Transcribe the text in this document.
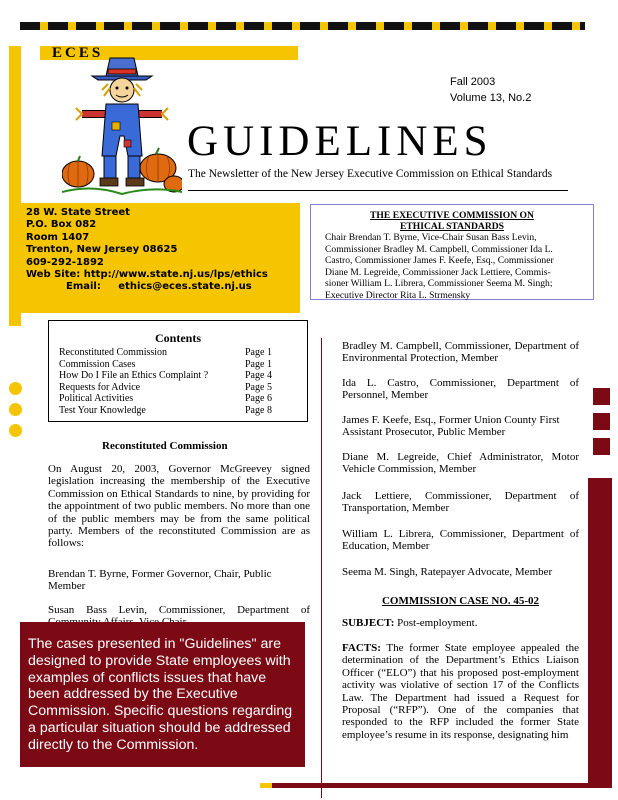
ECES
Fall 2003
Volume 13, No.2
GUIDELINES
The Newsletter of the New Jersey Executive Commission on Ethical Standards
28 W. State Street
P.O. Box 082
Room 1407
Trenton, New Jersey 08625
609-292-1892
Web Site: http://www.state.nj.us/lps/ethics
Email:     ethics@eces.state.nj.us
THE EXECUTIVE COMMISSION ON
ETHICAL STANDARDS
Chair Brendan T. Byrne, Vice-Chair Susan Bass Levin,
Commissioner Bradley M. Campbell, Commissioner Ida L.
Castro, Commissioner James F. Keefe, Esq., Commissioner
Diane M. Legreide, Commissioner Jack Lettiere, Commis-
sioner William L. Librera, Commissioner Seema M. Singh;
Executive Director Rita L. Strmensky
Contents
Reconstituted Commission	Page 1
Commission Cases	Page 1
How Do I File an Ethics Complaint ?	Page 4
Requests for Advice	Page 5
Political Activities	Page 6
Test Your Knowledge	Page 8
Reconstituted Commission
On August 20, 2003, Governor McGreevey signed legislation increasing the membership of the Executive Commission on Ethical Standards to nine, by providing for the appointment of two public members. No more than one of the public members may be from the same political party. Members of the reconstituted Commission are as follows:
Brendan T. Byrne, Former Governor, Chair, Public Member
Susan Bass Levin, Commissioner, Department of
The cases presented in "Guidelines" are designed to provide State employees with examples of conflicts issues that have been addressed by the Executive Commission. Specific questions regarding a particular situation should be addressed directly to the Commission.
Bradley M. Campbell, Commissioner, Department of Environmental Protection, Member
Ida L. Castro, Commissioner, Department of Personnel, Member
James F. Keefe, Esq., Former Union County First Assistant Prosecutor, Public Member
Diane M. Legreide, Chief Administrator, Motor Vehicle Commission, Member
Jack Lettiere, Commissioner, Department of Transportation, Member
William L. Librera, Commissioner, Department of Education, Member
Seema M. Singh, Ratepayer Advocate, Member
COMMISSION CASE NO. 45-02
SUBJECT: Post-employment.
FACTS: The former State employee appealed the determination of the Department’s Ethics Liaison Officer (“ELO”) that his proposed post-employment activity was violative of section 17 of the Conflicts Law. The Department had issued a Request for Proposal (“RFP”). One of the companies that responded to the RFP included the former State employee’s resume in its response, designating him
